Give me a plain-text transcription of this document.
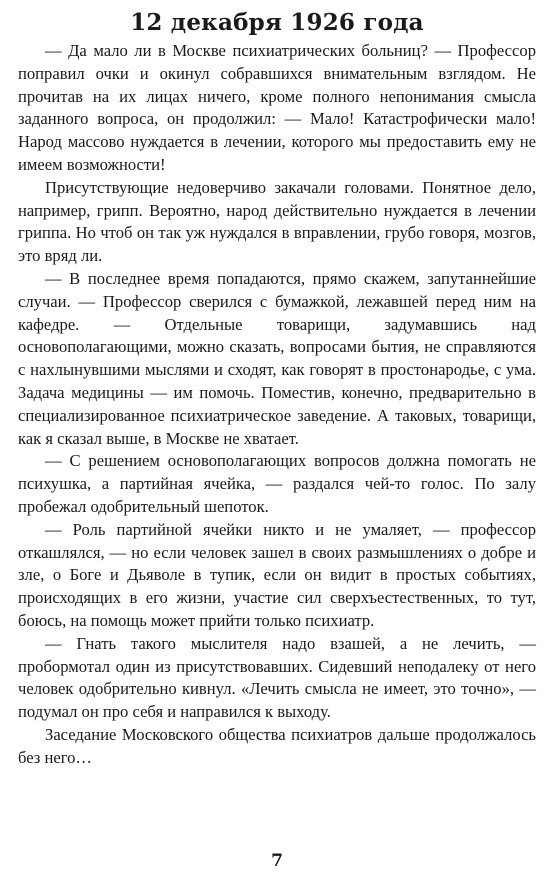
12 декабря 1926 года

— Да мало ли в Москве психиатрических больниц? — Профессор поправил очки и окинул собравшихся внимательным взглядом. Не прочитав на их лицах ничего, кроме полного непонимания смысла заданного вопроса, он продолжил: — Мало! Катастрофически мало! Народ массово нуждается в лечении, которого мы предоставить ему не имеем возможности!

Присутствующие недоверчиво закачали головами. Понятное дело, например, грипп. Вероятно, народ действительно нуждается в лечении гриппа. Но чтоб он так уж нуждался в вправлении, грубо говоря, мозгов, это вряд ли.

— В последнее время попадаются, прямо скажем, запутаннейшие случаи. — Профессор сверился с бумажкой, лежавшей перед ним на кафедре. — Отдельные товарищи, задумавшись над основополагающими, можно сказать, вопросами бытия, не справляются с нахлынувшими мыслями и сходят, как говорят в простонародье, с ума. Задача медицины — им помочь. Поместив, конечно, предварительно в специализированное психиатрическое заведение. А таковых, товарищи, как я сказал выше, в Москве не хватает.

— С решением основополагающих вопросов должна помогать не психушка, а партийная ячейка, — раздался чей-то голос. По залу пробежал одобрительный шепоток.

— Роль партийной ячейки никто и не умаляет, — профессор откашлялся, — но если человек зашел в своих размышлениях о добре и зле, о Боге и Дьяволе в тупик, если он видит в простых событиях, происходящих в его жизни, участие сил сверхъестественных, то тут, боюсь, на помощь может прийти только психиатр.

— Гнать такого мыслителя надо взашей, а не лечить, — пробормотал один из присутствовавших. Сидевший неподалеку от него человек одобрительно кивнул. «Лечить смысла не имеет, это точно», — подумал он про себя и направился к выходу.

Заседание Московского общества психиатров дальше продолжалось без него…

7
